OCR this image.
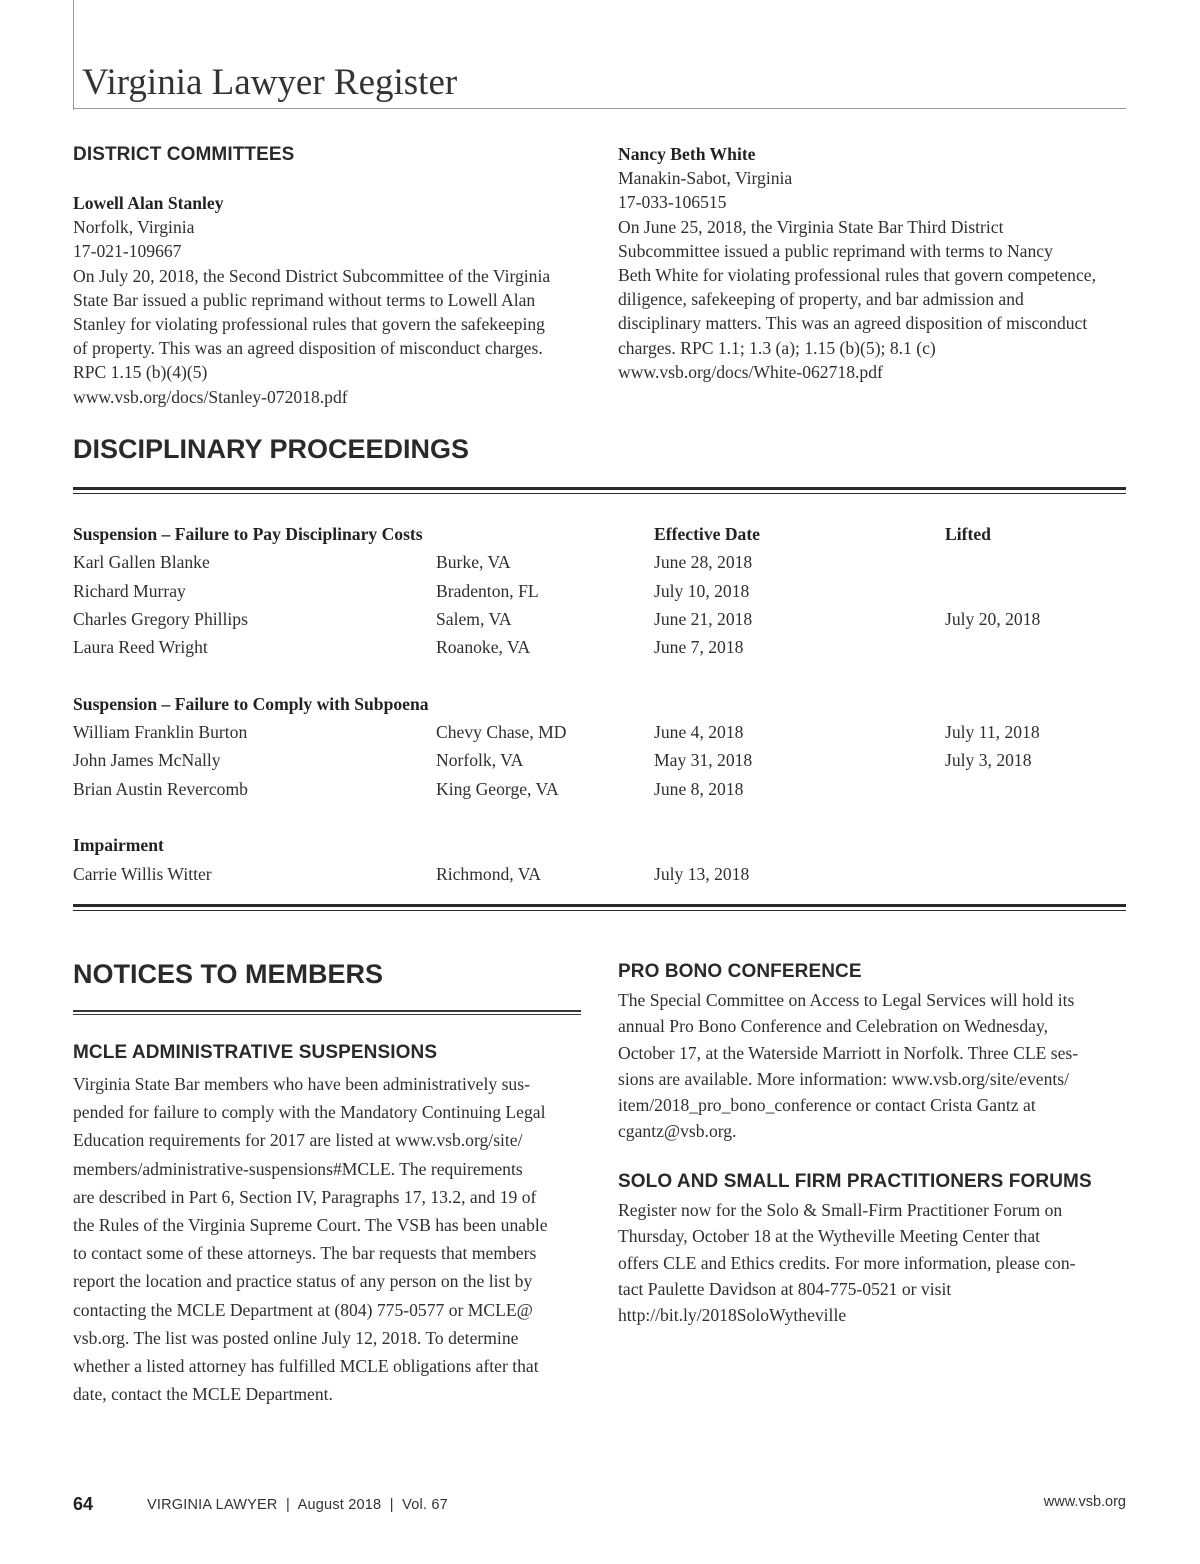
Virginia Lawyer Register
DISTRICT COMMITTEES
Lowell Alan Stanley
Norfolk, Virginia
17-021-109667
On July 20, 2018, the Second District Subcommittee of the Virginia
State Bar issued a public reprimand without terms to Lowell Alan
Stanley for violating professional rules that govern the safekeeping
of property. This was an agreed disposition of misconduct charges.
RPC 1.15 (b)(4)(5)
www.vsb.org/docs/Stanley-072018.pdf
Nancy Beth White
Manakin-Sabot, Virginia
17-033-106515
On June 25, 2018, the Virginia State Bar Third District
Subcommittee issued a public reprimand with terms to Nancy
Beth White for violating professional rules that govern competence,
diligence, safekeeping of property, and bar admission and
disciplinary matters. This was an agreed disposition of misconduct
charges. RPC 1.1; 1.3 (a); 1.15 (b)(5); 8.1 (c)
www.vsb.org/docs/White-062718.pdf
DISCIPLINARY PROCEEDINGS
Suspension – Failure to Pay Disciplinary Costs	Effective Date	Lifted
Karl Gallen Blanke	Burke, VA	June 28, 2018
Richard Murray	Bradenton, FL	July 10, 2018
Charles Gregory Phillips	Salem, VA	June 21, 2018	July 20, 2018
Laura Reed Wright	Roanoke, VA	June 7, 2018
Suspension – Failure to Comply with Subpoena
William Franklin Burton	Chevy Chase, MD	June 4, 2018	July 11, 2018
John James McNally	Norfolk, VA	May 31, 2018	July 3, 2018
Brian Austin Revercomb	King George, VA	June 8, 2018
Impairment
Carrie Willis Witter	Richmond, VA	July 13, 2018
NOTICES TO MEMBERS
MCLE ADMINISTRATIVE SUSPENSIONS
Virginia State Bar members who have been administratively sus-
pended for failure to comply with the Mandatory Continuing Legal
Education requirements for 2017 are listed at www.vsb.org/site/
members/administrative-suspensions#MCLE. The requirements
are described in Part 6, Section IV, Paragraphs 17, 13.2, and 19 of
the Rules of the Virginia Supreme Court. The VSB has been unable
to contact some of these attorneys. The bar requests that members
report the location and practice status of any person on the list by
contacting the MCLE Department at (804) 775-0577 or MCLE@
vsb.org. The list was posted online July 12, 2018. To determine
whether a listed attorney has fulfilled MCLE obligations after that
date, contact the MCLE Department.
PRO BONO CONFERENCE
The Special Committee on Access to Legal Services will hold its
annual Pro Bono Conference and Celebration on Wednesday,
October 17, at the Waterside Marriott in Norfolk. Three CLE ses-
sions are available. More information: www.vsb.org/site/events/
item/2018_pro_bono_conference or contact Crista Gantz at
cgantz@vsb.org.
SOLO AND SMALL FIRM PRACTITIONERS FORUMS
Register now for the Solo & Small-Firm Practitioner Forum on
Thursday, October 18 at the Wytheville Meeting Center that
offers CLE and Ethics credits. For more information, please con-
tact Paulette Davidson at 804-775-0521 or visit
http://bit.ly/2018SoloWytheville
64	VIRGINIA LAWYER  |  August 2018  |  Vol. 67	www.vsb.org
